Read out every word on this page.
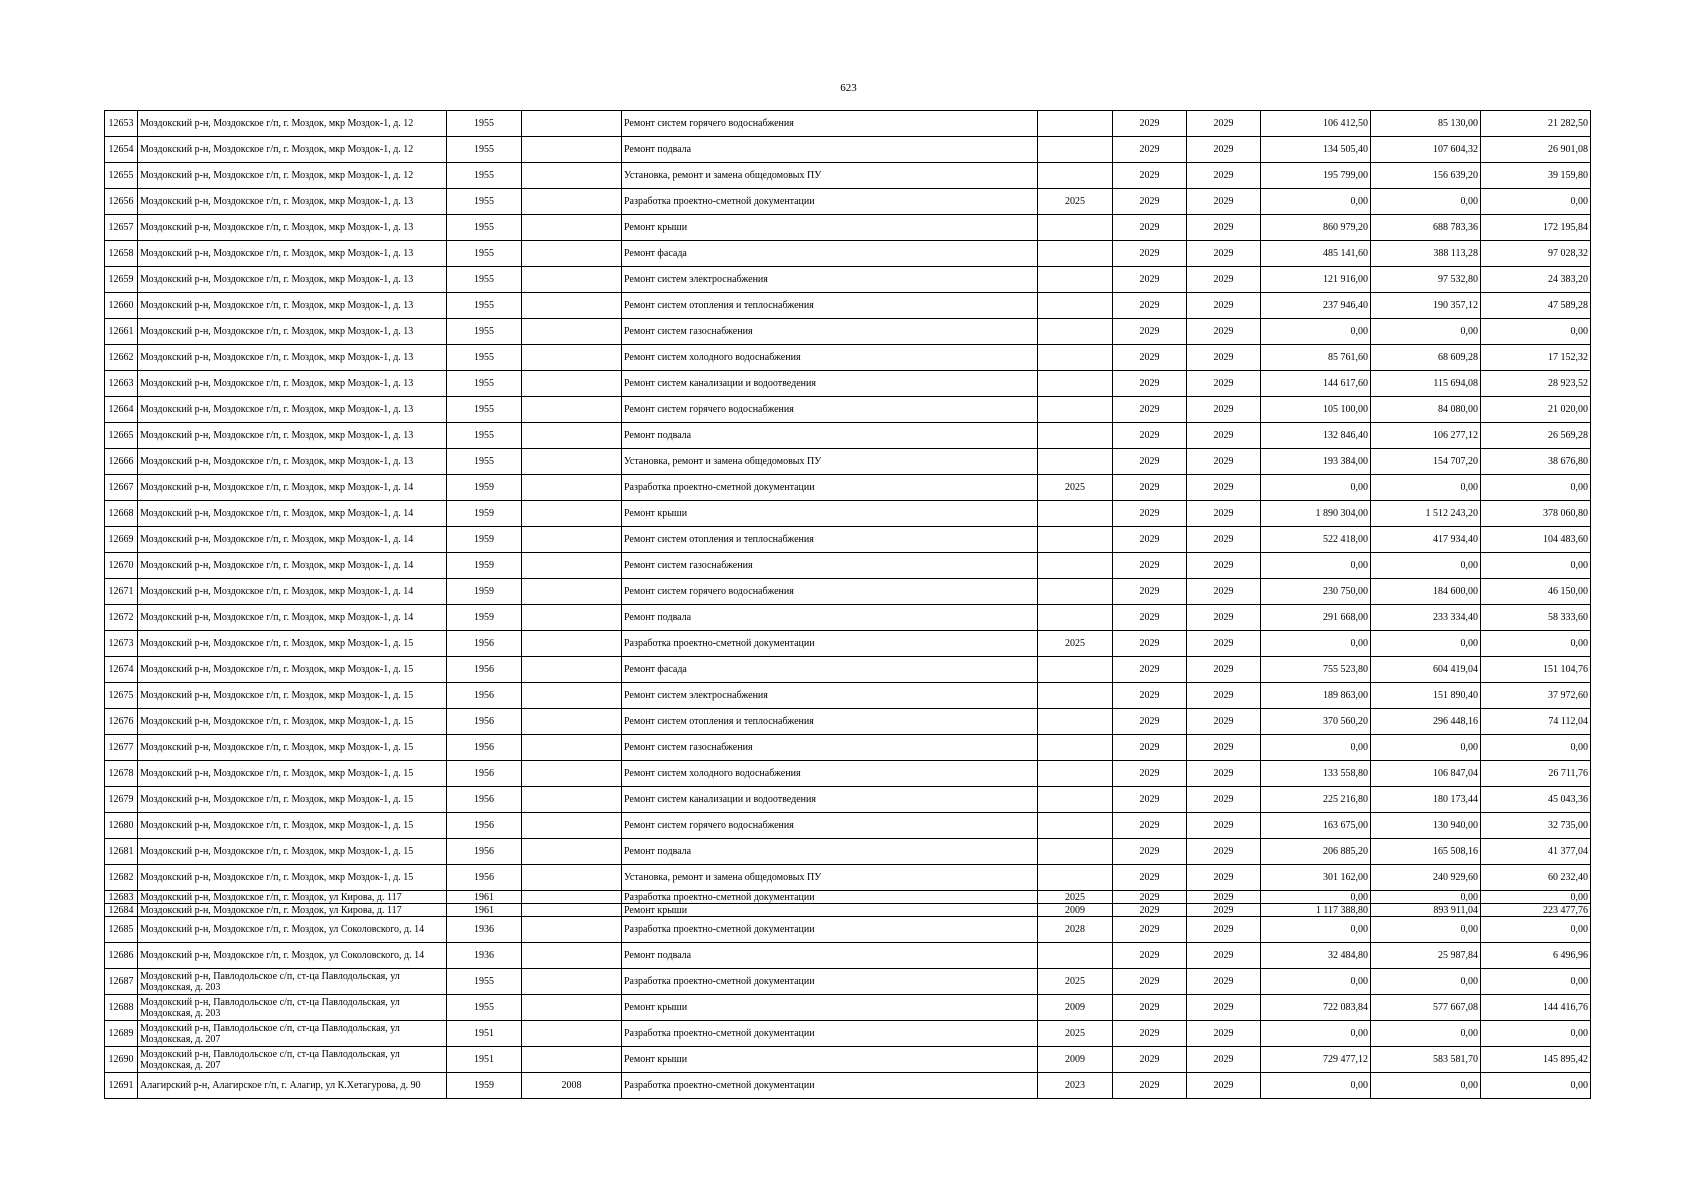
623
12653	Моздокский р-н, Моздокское г/п, г. Моздок, мкр Моздок-1, д. 12	1955		Ремонт систем горячего водоснабжения		2029	2029	106 412,50	85 130,00	21 282,50
12654	Моздокский р-н, Моздокское г/п, г. Моздок, мкр Моздок-1, д. 12	1955		Ремонт подвала		2029	2029	134 505,40	107 604,32	26 901,08
12655	Моздокский р-н, Моздокское г/п, г. Моздок, мкр Моздок-1, д. 12	1955		Установка, ремонт и замена общедомовых ПУ		2029	2029	195 799,00	156 639,20	39 159,80
12656	Моздокский р-н, Моздокское г/п, г. Моздок, мкр Моздок-1, д. 13	1955		Разработка проектно-сметной документации	2025	2029	2029	0,00	0,00	0,00
12657	Моздокский р-н, Моздокское г/п, г. Моздок, мкр Моздок-1, д. 13	1955		Ремонт крыши		2029	2029	860 979,20	688 783,36	172 195,84
12658	Моздокский р-н, Моздокское г/п, г. Моздок, мкр Моздок-1, д. 13	1955		Ремонт фасада		2029	2029	485 141,60	388 113,28	97 028,32
12659	Моздокский р-н, Моздокское г/п, г. Моздок, мкр Моздок-1, д. 13	1955		Ремонт систем электроснабжения		2029	2029	121 916,00	97 532,80	24 383,20
12660	Моздокский р-н, Моздокское г/п, г. Моздок, мкр Моздок-1, д. 13	1955		Ремонт систем отопления и теплоснабжения		2029	2029	237 946,40	190 357,12	47 589,28
12661	Моздокский р-н, Моздокское г/п, г. Моздок, мкр Моздок-1, д. 13	1955		Ремонт систем газоснабжения		2029	2029	0,00	0,00	0,00
12662	Моздокский р-н, Моздокское г/п, г. Моздок, мкр Моздок-1, д. 13	1955		Ремонт систем холодного водоснабжения		2029	2029	85 761,60	68 609,28	17 152,32
12663	Моздокский р-н, Моздокское г/п, г. Моздок, мкр Моздок-1, д. 13	1955		Ремонт систем канализации и водоотведения		2029	2029	144 617,60	115 694,08	28 923,52
12664	Моздокский р-н, Моздокское г/п, г. Моздок, мкр Моздок-1, д. 13	1955		Ремонт систем горячего водоснабжения		2029	2029	105 100,00	84 080,00	21 020,00
12665	Моздокский р-н, Моздокское г/п, г. Моздок, мкр Моздок-1, д. 13	1955		Ремонт подвала		2029	2029	132 846,40	106 277,12	26 569,28
12666	Моздокский р-н, Моздокское г/п, г. Моздок, мкр Моздок-1, д. 13	1955		Установка, ремонт и замена общедомовых ПУ		2029	2029	193 384,00	154 707,20	38 676,80
12667	Моздокский р-н, Моздокское г/п, г. Моздок, мкр Моздок-1, д. 14	1959		Разработка проектно-сметной документации	2025	2029	2029	0,00	0,00	0,00
12668	Моздокский р-н, Моздокское г/п, г. Моздок, мкр Моздок-1, д. 14	1959		Ремонт крыши		2029	2029	1 890 304,00	1 512 243,20	378 060,80
12669	Моздокский р-н, Моздокское г/п, г. Моздок, мкр Моздок-1, д. 14	1959		Ремонт систем отопления и теплоснабжения		2029	2029	522 418,00	417 934,40	104 483,60
12670	Моздокский р-н, Моздокское г/п, г. Моздок, мкр Моздок-1, д. 14	1959		Ремонт систем газоснабжения		2029	2029	0,00	0,00	0,00
12671	Моздокский р-н, Моздокское г/п, г. Моздок, мкр Моздок-1, д. 14	1959		Ремонт систем горячего водоснабжения		2029	2029	230 750,00	184 600,00	46 150,00
12672	Моздокский р-н, Моздокское г/п, г. Моздок, мкр Моздок-1, д. 14	1959		Ремонт подвала		2029	2029	291 668,00	233 334,40	58 333,60
12673	Моздокский р-н, Моздокское г/п, г. Моздок, мкр Моздок-1, д. 15	1956		Разработка проектно-сметной документации	2025	2029	2029	0,00	0,00	0,00
12674	Моздокский р-н, Моздокское г/п, г. Моздок, мкр Моздок-1, д. 15	1956		Ремонт фасада		2029	2029	755 523,80	604 419,04	151 104,76
12675	Моздокский р-н, Моздокское г/п, г. Моздок, мкр Моздок-1, д. 15	1956		Ремонт систем электроснабжения		2029	2029	189 863,00	151 890,40	37 972,60
12676	Моздокский р-н, Моздокское г/п, г. Моздок, мкр Моздок-1, д. 15	1956		Ремонт систем отопления и теплоснабжения		2029	2029	370 560,20	296 448,16	74 112,04
12677	Моздокский р-н, Моздокское г/п, г. Моздок, мкр Моздок-1, д. 15	1956		Ремонт систем газоснабжения		2029	2029	0,00	0,00	0,00
12678	Моздокский р-н, Моздокское г/п, г. Моздок, мкр Моздок-1, д. 15	1956		Ремонт систем холодного водоснабжения		2029	2029	133 558,80	106 847,04	26 711,76
12679	Моздокский р-н, Моздокское г/п, г. Моздок, мкр Моздок-1, д. 15	1956		Ремонт систем канализации и водоотведения		2029	2029	225 216,80	180 173,44	45 043,36
12680	Моздокский р-н, Моздокское г/п, г. Моздок, мкр Моздок-1, д. 15	1956		Ремонт систем горячего водоснабжения		2029	2029	163 675,00	130 940,00	32 735,00
12681	Моздокский р-н, Моздокское г/п, г. Моздок, мкр Моздок-1, д. 15	1956		Ремонт подвала		2029	2029	206 885,20	165 508,16	41 377,04
12682	Моздокский р-н, Моздокское г/п, г. Моздок, мкр Моздок-1, д. 15	1956		Установка, ремонт и замена общедомовых ПУ		2029	2029	301 162,00	240 929,60	60 232,40
12683	Моздокский р-н, Моздокское г/п, г. Моздок, ул Кирова, д. 117	1961		Разработка проектно-сметной документации	2025	2029	2029	0,00	0,00	0,00
12684	Моздокский р-н, Моздокское г/п, г. Моздок, ул Кирова, д. 117	1961		Ремонт крыши	2009	2029	2029	1 117 388,80	893 911,04	223 477,76
12685	Моздокский р-н, Моздокское г/п, г. Моздок, ул Соколовского, д. 14	1936		Разработка проектно-сметной документации	2028	2029	2029	0,00	0,00	0,00
12686	Моздокский р-н, Моздокское г/п, г. Моздок, ул Соколовского, д. 14	1936		Ремонт подвала		2029	2029	32 484,80	25 987,84	6 496,96
12687	Моздокский р-н, Павлодольское с/п, ст-ца Павлодольская, ул Моздокская, д. 203	1955		Разработка проектно-сметной документации	2025	2029	2029	0,00	0,00	0,00
12688	Моздокский р-н, Павлодольское с/п, ст-ца Павлодольская, ул Моздокская, д. 203	1955		Ремонт крыши	2009	2029	2029	722 083,84	577 667,08	144 416,76
12689	Моздокский р-н, Павлодольское с/п, ст-ца Павлодольская, ул Моздокская, д. 207	1951		Разработка проектно-сметной документации	2025	2029	2029	0,00	0,00	0,00
12690	Моздокский р-н, Павлодольское с/п, ст-ца Павлодольская, ул Моздокская, д. 207	1951		Ремонт крыши	2009	2029	2029	729 477,12	583 581,70	145 895,42
12691	Алагирский р-н, Алагирское г/п, г. Алагир, ул К.Хетагурова, д. 90	1959	2008	Разработка проектно-сметной документации	2023	2029	2029	0,00	0,00	0,00
